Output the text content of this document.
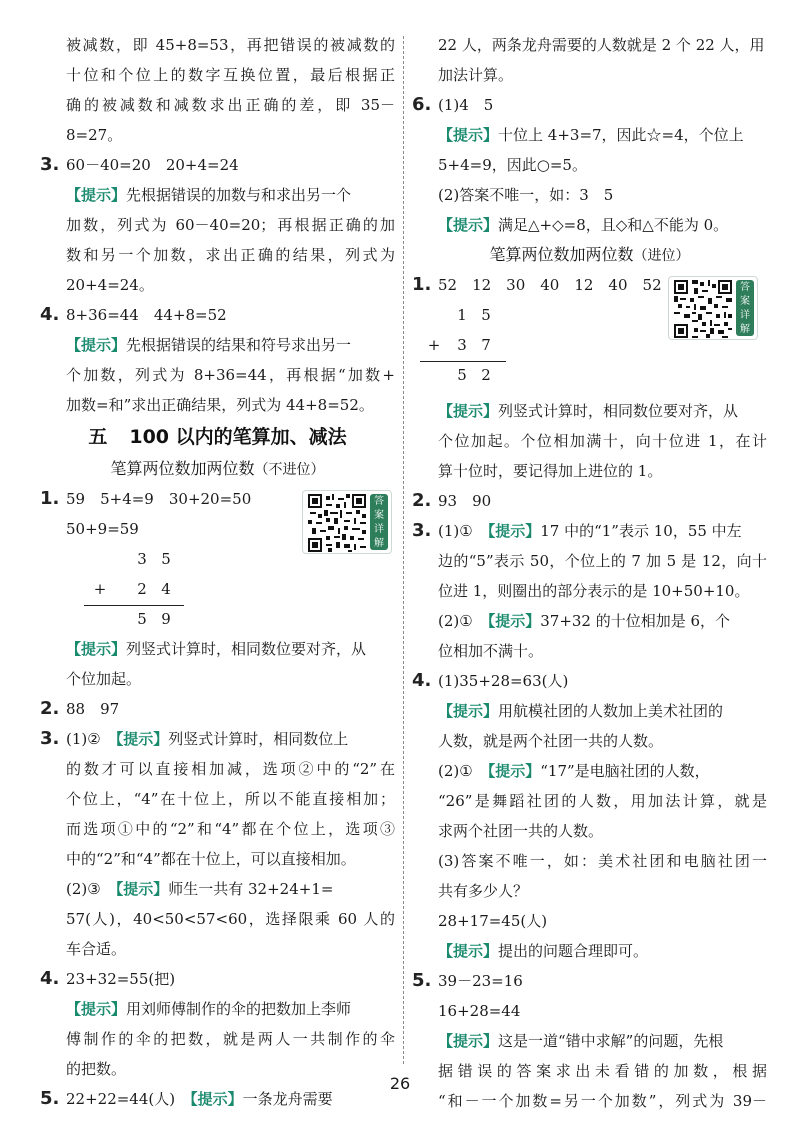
被减数，即 45+8=53，再把错误的被减数的
十位和个位上的数字互换位置，最后根据正
确的被减数和减数求出正确的差，即 35－
8=27。
3. 60－40=20　20+4=24
【提示】先根据错误的加数与和求出另一个
加数，列式为 60－40=20；再根据正确的加
数和另一个加数，求出正确的结果，列式为
20+4=24。
4. 8+36=44　44+8=52
【提示】先根据错误的结果和符号求出另一
个加数，列式为 8+36=44，再根据“加数+
加数=和”求出正确结果，列式为 44+8=52。
五 100 以内的笔算加、减法
笔算两位数加两位数（不进位）
1. 59　5+4=9　30+20=50
50+9=59
3 5
+	2 4
5 9
答
案
详
解
【提示】列竖式计算时，相同数位要对齐，从
个位加起。
2. 88　97
3. (1)②　 【提示】列竖式计算时，相同数位上
的数才可以直接相加减，选项②中的“2”在
个位上，“4”在十位上，所以不能直接相加；
而选项①中的“2”和“4”都在个位上，选项③
中的“2”和“4”都在十位上，可以直接相加。
(2)③　 【提示】师生一共有 32+24+1=
57(人)，40<50<57<60，选择限乘 60 人的
车合适。
4. 23+32=55(把)
【提示】用刘师傅制作的伞的把数加上李师
傅制作的伞的把数，就是两人一共制作的伞
的把数。
5. 22+22=44(人)　 【提示】一条龙舟需要
22 人，两条龙舟需要的人数就是 2 个 22 人，用
加法计算。
6. (1)4　5
【提示】十位上 4+3=7，因此☆=4，个位上
5+4=9，因此○=5。
(2)答案不唯一，如：3　5
【提示】满足△+◇=8，且◇和△不能为 0。
笔算两位数加两位数（进位）
1. 52　12　30　40　12　40　52
1 5
+	3 7
5 2
答
案
详
解
【提示】列竖式计算时，相同数位要对齐，从
个位加起。个位相加满十，向十位进 1，在计
算十位时，要记得加上进位的 1。
2. 93　90
3. (1)①　 【提示】17 中的“1”表示 10，55 中左
边的“5”表示 50，个位上的 7 加 5 是 12，向十
位进 1，则圈出的部分表示的是 10+50+10。
(2)①　 【提示】37+32 的十位相加是 6，个
位相加不满十。
4. (1)35+28=63(人)
【提示】用航模社团的人数加上美术社团的
人数，就是两个社团一共的人数。
(2)①　 【提示】“17”是电脑社团的人数，
“26”是舞蹈社团的人数，用加法计算，就是
求两个社团一共的人数。
(3)答案不唯一，如：美术社团和电脑社团一
共有多少人？
28+17=45(人)
【提示】提出的问题合理即可。
5. 39－23=16
16+28=44
【提示】这是一道“错中求解”的问题，先根
据错误的答案求出未看错的加数，根据
“和－一个加数=另一个加数”，列式为 39－
26
